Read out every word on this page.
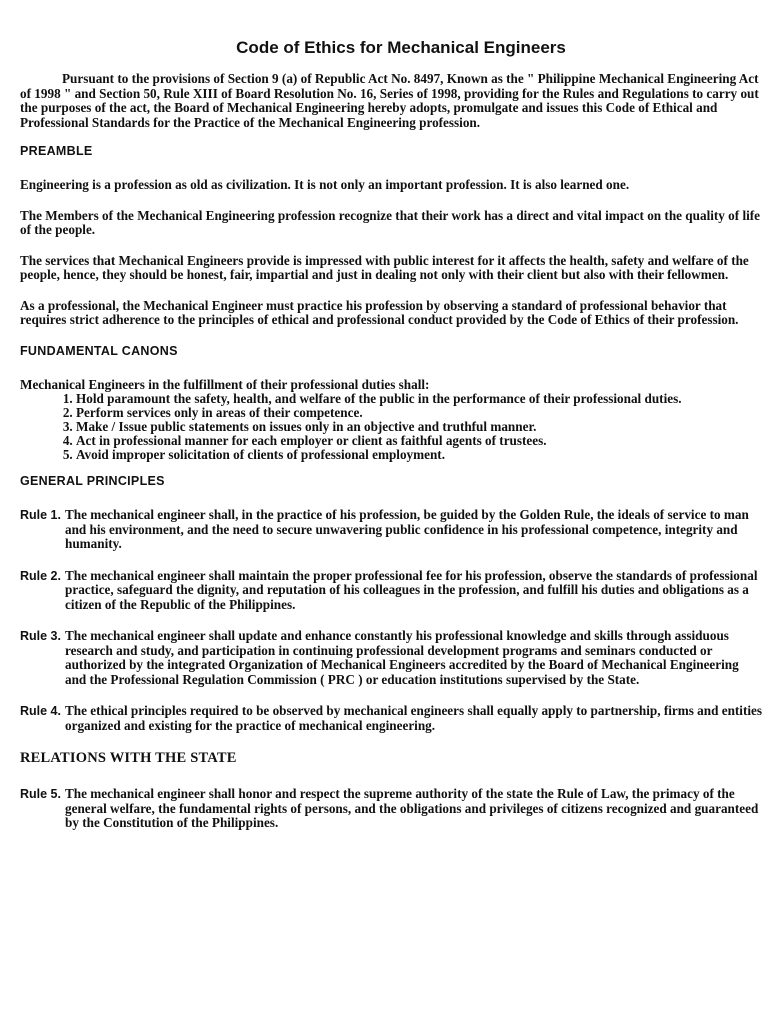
Code of Ethics for Mechanical Engineers

Pursuant to the provisions of Section 9 (a) of Republic Act No. 8497, Known as the " Philippine Mechanical Engineering Act of 1998 " and Section 50, Rule XIII of Board Resolution No. 16, Series of 1998, providing for the Rules and Regulations to carry out the purposes of the act, the Board of Mechanical Engineering hereby adopts, promulgate and issues this Code of Ethical and Professional Standards for the Practice of the Mechanical Engineering profession.

PREAMBLE

Engineering is a profession as old as civilization. It is not only an important profession. It is also learned one.

The Members of the Mechanical Engineering profession recognize that their work has a direct and vital impact on the quality of life of the people.

The services that Mechanical Engineers provide is impressed with public interest for it affects the health, safety and welfare of the people, hence, they should be honest, fair, impartial and just in dealing not only with their client but also with their fellowmen.

As a professional, the Mechanical Engineer must practice his profession by observing a standard of professional behavior that requires strict adherence to the principles of ethical and professional conduct provided by the Code of Ethics of their profession.

FUNDAMENTAL CANONS

Mechanical Engineers in the fulfillment of their professional duties shall:

1. Hold paramount the safety, health, and welfare of the public in the performance of their professional duties.
2. Perform services only in areas of their competence.
3. Make / Issue public statements on issues only in an objective and truthful manner.
4. Act in professional manner for each employer or client as faithful agents of trustees.
5. Avoid improper solicitation of clients of professional employment.
GENERAL PRINCIPLES
Rule 1. The mechanical engineer shall, in the practice of his profession, be guided by the Golden Rule, the ideals of service to man and his environment, and the need to secure unwavering public confidence in his professional competence, integrity and humanity.
Rule 2. The mechanical engineer shall maintain the proper professional fee for his profession, observe the standards of professional practice, safeguard the dignity, and reputation of his colleagues in the profession, and fulfill his duties and obligations as a citizen of the Republic of the Philippines.
Rule 3. The mechanical engineer shall update and enhance constantly his professional knowledge and skills through assiduous research and study, and participation in continuing professional development programs and seminars conducted or authorized by the integrated Organization of Mechanical Engineers accredited by the Board of Mechanical Engineering and the Professional Regulation Commission ( PRC ) or education institutions supervised by the State.
Rule 4. The ethical principles required to be observed by mechanical engineers shall equally apply to partnership, firms and entities organized and existing for the practice of mechanical engineering.
RELATIONS WITH THE STATE
Rule 5. The mechanical engineer shall honor and respect the supreme authority of the state the Rule of Law, the primacy of the general welfare, the fundamental rights of persons, and the obligations and privileges of citizens recognized and guaranteed by the Constitution of the Philippines.
